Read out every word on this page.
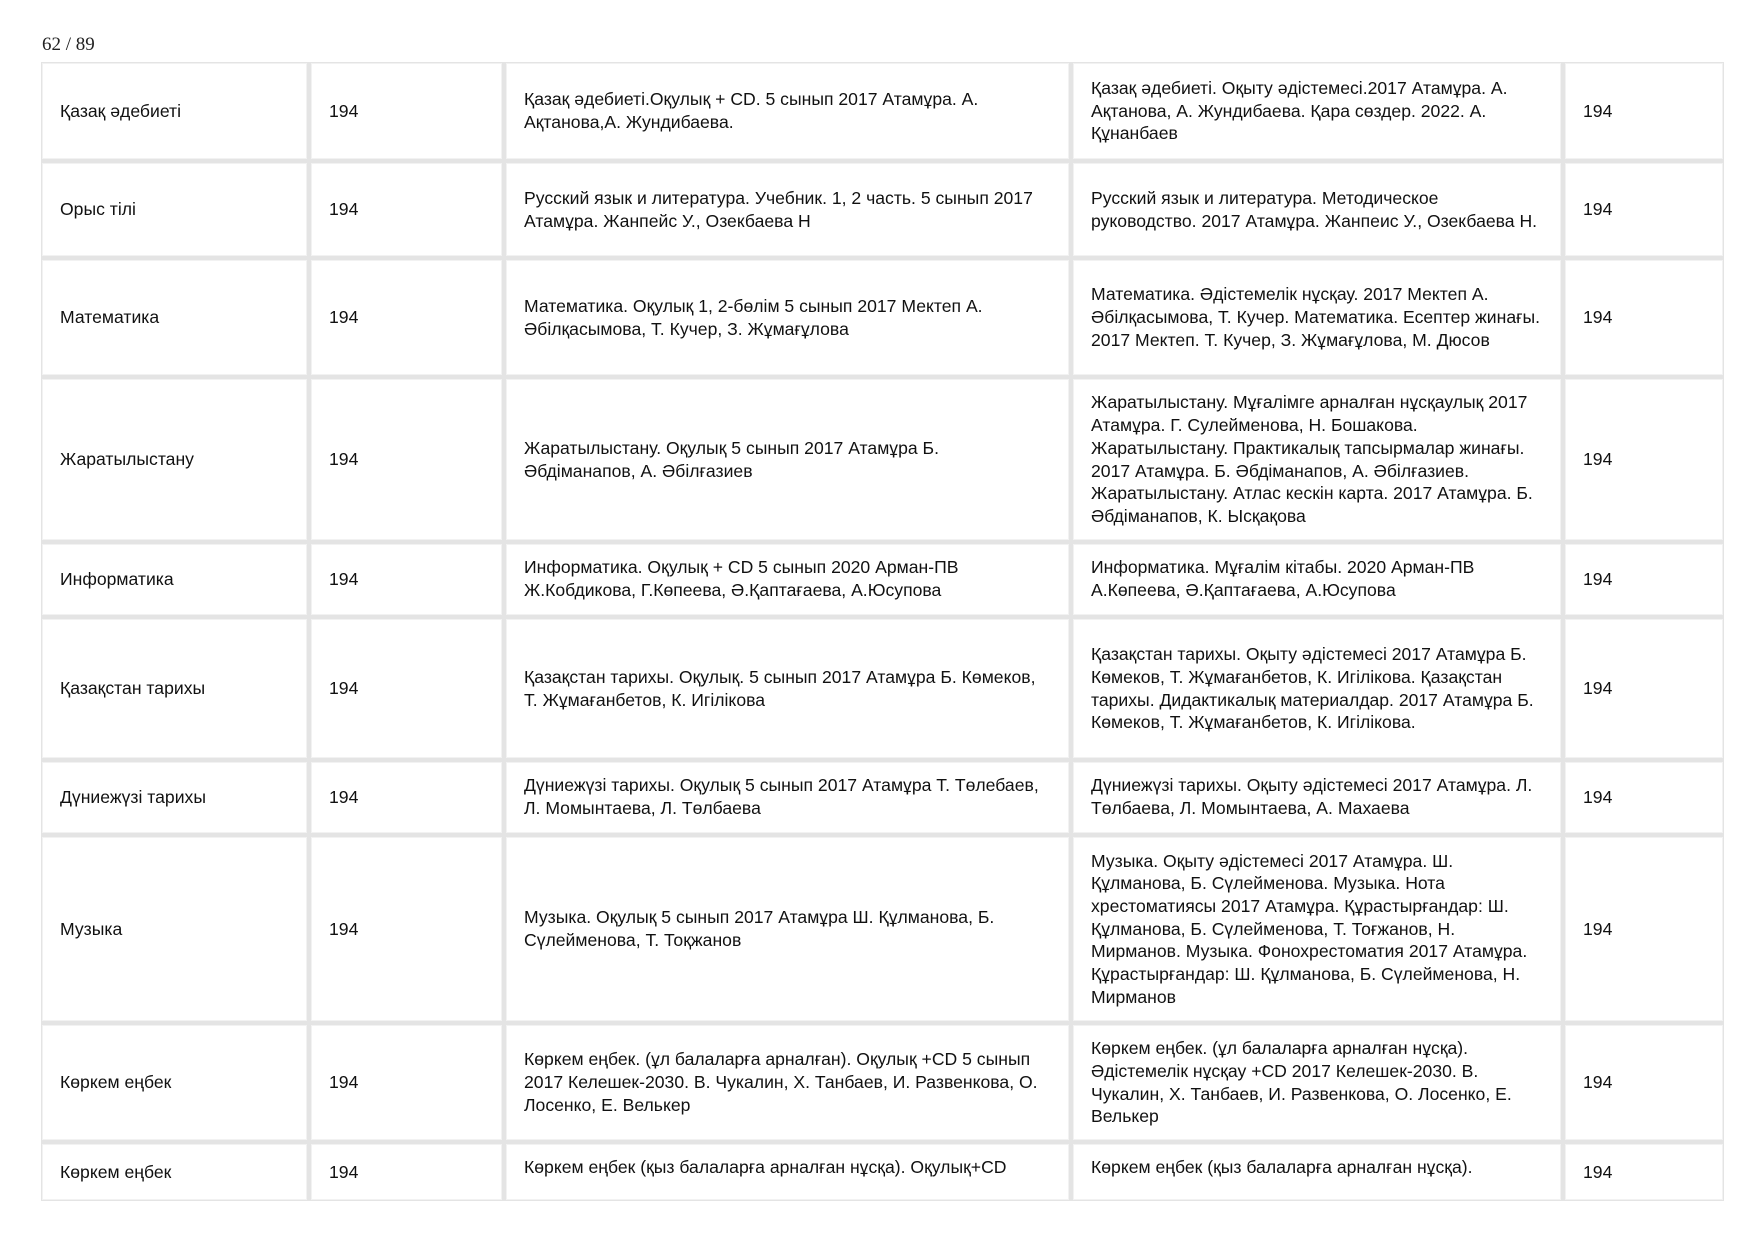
62 / 89
Қазақ әдебиеті	194	Қазақ әдебиеті.Оқулық + CD. 5 сынып 2017 Атамұра. А. Ақтанова,А. Жундибаева.	Қазақ әдебиеті. Оқыту әдістемесі.2017 Атамұра. А. Ақтанова, А. Жундибаева. Қара сөздер. 2022. А. Құнанбаев	194
Орыс тілі	194	Русский язык и литература. Учебник. 1, 2 часть. 5 сынып 2017 Атамұра. Жанпейс У., Озекбаева Н	Русский язык и литература. Методическое руководство. 2017 Атамұра. Жанпеис У., Озекбаева Н.	194
Математика	194	Математика. Оқулық 1, 2-бөлім 5 сынып 2017 Мектеп А. Әбілқасымова, Т. Кучер, З. Жұмағұлова	Математика. Әдістемелік нұсқау. 2017 Мектеп А. Әбілқасымова, Т. Кучер. Математика. Есептер жинағы. 2017 Мектеп. Т. Кучер, З. Жұмағұлова, М. Дюсов	194
Жаратылыстану	194	Жаратылыстану. Оқулық 5 сынып 2017 Атамұра Б. Әбдіманапов, А. Әбілғазиев	Жаратылыстану. Мұғалімге арналған нұсқаулық 2017 Атамұра. Г. Сулейменова, Н. Бошакова. Жаратылыстану. Практикалық тапсырмалар жинағы. 2017 Атамұра. Б. Әбдіманапов, А. Әбілғазиев. Жаратылыстану. Атлас кескін карта. 2017 Атамұра. Б. Әбдіманапов, К. Ысқақова	194
Информатика	194	Информатика. Оқулық + CD 5 сынып 2020 Арман-ПВ Ж.Кобдикова, Г.Көпеева, Ә.Қаптағаева, А.Юсупова	Информатика. Мұғалім кітабы. 2020 Арман-ПВ А.Көпеева, Ә.Қаптағаева, А.Юсупова	194
Қазақстан тарихы	194	Қазақстан тарихы. Оқулық. 5 сынып 2017 Атамұра Б. Көмеков, Т. Жұмағанбетов, К. Игілікова	Қазақстан тарихы. Оқыту әдістемесі 2017 Атамұра Б. Көмеков, Т. Жұмағанбетов, К. Игілікова. Қазақстан тарихы. Дидактикалық материалдар. 2017 Атамұра Б. Көмеков, Т. Жұмағанбетов, К. Игілікова.	194
Дүниежүзі тарихы	194	Дүниежүзі тарихы. Оқулық 5 сынып 2017 Атамұра Т. Төлебаев, Л. Момынтаева, Л. Төлбаева	Дүниежүзі тарихы. Оқыту әдістемесі 2017 Атамұра. Л. Төлбаева, Л. Момынтаева, А. Махаева	194
Музыка	194	Музыка. Оқулық 5 сынып 2017 Атамұра Ш. Құлманова, Б. Сүлейменова, Т. Тоқжанов	Музыка. Оқыту әдістемесі 2017 Атамұра. Ш. Құлманова, Б. Сүлейменова. Музыка. Нота хрестоматиясы 2017 Атамұра. Құрастырғандар: Ш. Құлманова, Б. Сүлейменова, Т. Тоғжанов, Н. Мирманов. Музыка. Фонохрестоматия 2017 Атамұра. Құрастырғандар: Ш. Құлманова, Б. Сүлейменова, Н. Мирманов	194
Көркем еңбек	194	Көркем еңбек. (ұл балаларға арналған). Оқулық +CD 5 сынып 2017 Келешек-2030. В. Чукалин, Х. Танбаев, И. Развенкова, О. Лосенко, Е. Велькер	Көркем еңбек. (ұл балаларға арналған нұсқа). Әдістемелік нұсқау +CD 2017 Келешек-2030. В. Чукалин, Х. Танбаев, И. Развенкова, О. Лосенко, Е. Велькер	194
Көркем еңбек	194	Көркем еңбек (қыз балаларға арналған нұсқа). Оқулық+CD	Көркем еңбек (қыз балаларға арналған нұсқа).	194
